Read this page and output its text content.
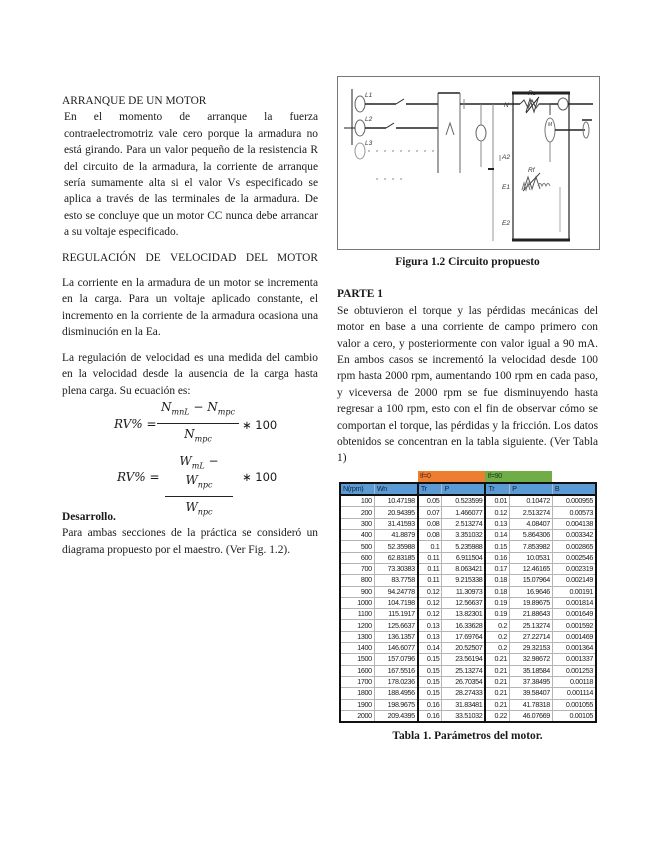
ARRANQUE DE UN MOTOR

En el momento de arranque la fuerza contraelectromotriz vale cero porque la armadura no está girando. Para un valor pequeño de la resistencia R del circuito de la armadura, la corriente de arranque sería sumamente alta si el valor Vs especificado se aplica a través de las terminales de la armadura. De esto se concluye que un motor CC nunca debe arrancar a su voltaje especificado.

REGULACIÓN DE VELOCIDAD DEL MOTOR

La corriente en la armadura de un motor se incrementa en la carga. Para un voltaje aplicado constante, el incremento en la corriente de la armadura ocasiona una disminución en la Ea.

La regulación de velocidad es una medida del cambio en la velocidad desde la ausencia de la carga hasta plena carga. Su ecuación es:

RV% =
$N_{mnL} - N_{mpc}$
$N_{mpc}$
∗ 100
RV% =
$W_{mL}$ −
$W_{npc}$
$W_{npc}$
∗ 100

Desarrollo.

Para ambas secciones de la práctica se consideró un diagrama propuesto por el maestro. (Ver Fig. 1.2).

L1
L2
L3
Rs
Rf
N
A2
E1
E2
M
Figura 1.2 Circuito propuesto

PARTE 1

Se obtuvieron el torque y las pérdidas mecánicas del motor en base a una corriente de campo primero con valor a cero, y posteriormente con valor igual a 90 mA. En ambos casos se incrementó la velocidad desde 100 rpm hasta 2000 rpm, aumentando 100 rpm en cada paso, y viceversa de 2000 rpm se fue disminuyendo hasta regresar a 100 rpm, esto con el fin de observar cómo se comportan el torque, las pérdidas y la fricción. Los datos obtenidos se concentran en la tabla siguiente. (Ver Tabla 1)

		If=0		If=90		
N(rpm)	Wn	Tr	P	Tr	P	B
100	10.47198	0.05	0.523599	0.01	0.10472	0.000955
200	20.94395	0.07	1.466077	0.12	2.513274	0.00573
300	31.41593	0.08	2.513274	0.13	4.08407	0.004138
400	41.8879	0.08	3.351032	0.14	5.864306	0.003342
500	52.35988	0.1	5.235988	0.15	7.853982	0.002865
600	62.83185	0.11	6.911504	0.16	10.0531	0.002546
700	73.30383	0.11	8.063421	0.17	12.46165	0.002319
800	83.7758	0.11	9.215338	0.18	15.07964	0.002149
900	94.24778	0.12	11.30973	0.18	16.9646	0.00191
1000	104.7198	0.12	12.56637	0.19	19.89675	0.001814
1100	115.1917	0.12	13.82301	0.19	21.88643	0.001649
1200	125.6637	0.13	16.33628	0.2	25.13274	0.001592
1300	136.1357	0.13	17.69764	0.2	27.22714	0.001469
1400	146.6077	0.14	20.52507	0.2	29.32153	0.001364
1500	157.0796	0.15	23.56194	0.21	32.98672	0.001337
1600	167.5516	0.15	25.13274	0.21	35.18584	0.001253
1700	178.0236	0.15	26.70354	0.21	37.38495	0.00118
1800	188.4956	0.15	28.27433	0.21	39.58407	0.001114
1900	198.9675	0.16	31.83481	0.21	41.78318	0.001055
2000	209.4395	0.16	33.51032	0.22	46.07669	0.00105
Tabla 1. Parámetros del motor.
